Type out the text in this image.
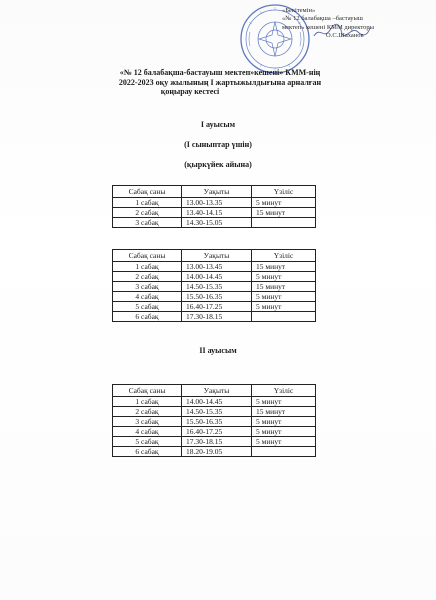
«Бекітемін»
«№ 12 балабақша –бастауыш
мектеп» кешені КММ директоры
О.С.Шаханов
«№ 12 балабақша-бастауыш мектеп»кешені» КММ-нің
2022-2023 оқу жылының І жартыжылдығына арналған
қоңырау кестесі
І ауысым
(І сыныптар үшін)
(қыркүйек айына)
Сабақ саны	Уақыты	Үзіліс
1 сабақ	13.00-13.35	5 минут
2 сабақ	13.40-14.15	15 минут
3 сабақ	14.30-15.05	
Сабақ саны	Уақыты	Үзіліс
1 сабақ	13.00-13.45	15 минут
2 сабақ	14.00-14.45	5 минут
3 сабақ	14.50-15.35	15 минут
4 сабақ	15.50-16.35	5 минут
5 сабақ	16.40-17.25	5 минут
6 сабақ	17.30-18.15	
ІІ ауысым
Сабақ саны	Уақыты	Үзіліс
1 сабақ	14.00-14.45	5 минут
2 сабақ	14.50-15.35	15 минут
3 сабақ	15.50-16.35	5 минут
4 сабақ	16.40-17.25	5 минут
5 сабақ	17.30-18.15	5 минут
6 сабақ	18.20-19.05	
